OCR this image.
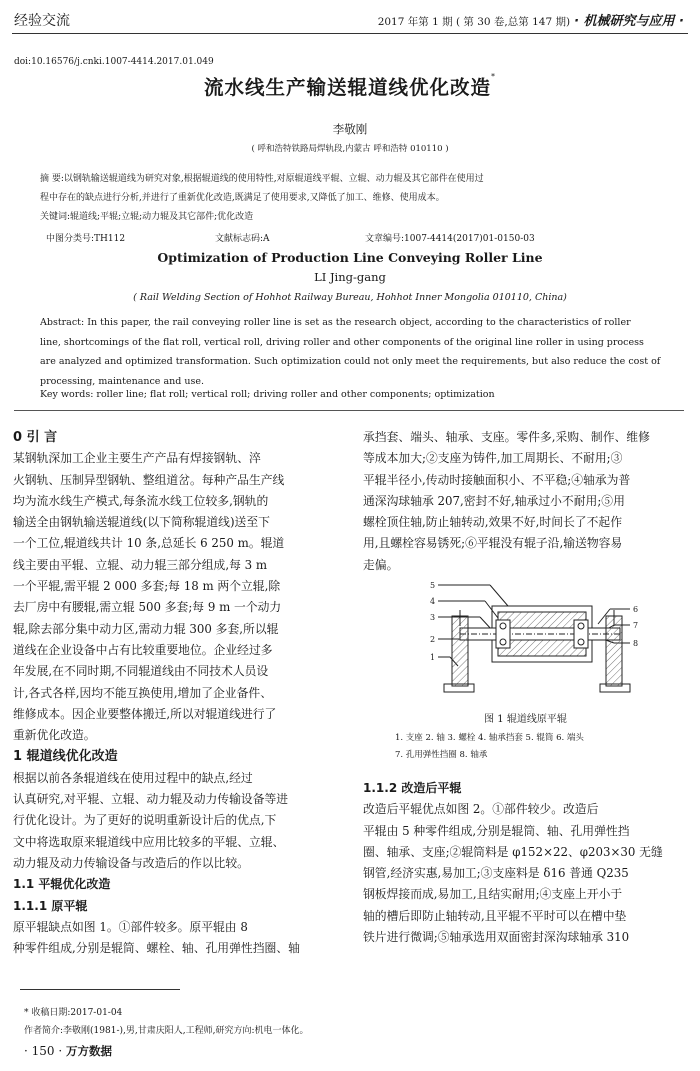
经验交流	2017 年第 1 期 ( 第 30 卷,总第 147 期) · 机械研究与应用 ·
doi:10.16576/j.cnki.1007-4414.2017.01.049
流水线生产输送辊道线优化改造*
李敬刚
( 呼和浩特铁路局焊轨段,内蒙古 呼和浩特 010110 )
摘 要:以钢轨输送辊道线为研究对象,根据辊道线的使用特性,对原辊道线平辊、立辊、动力辊及其它部件在使用过
程中存在的缺点进行分析,并进行了重新优化改造,既满足了使用要求,又降低了加工、维修、使用成本。
关键词:辊道线;平辊;立辊;动力辊及其它部件;优化改造
中图分类号:TH112	文献标志码:A	文章编号:1007-4414(2017)01-0150-03
Optimization of Production Line Conveying Roller Line
LI Jing-gang
( Rail Welding Section of Hohhot Railway Bureau, Hohhot Inner Mongolia 010110, China)
Abstract: In this paper, the rail conveying roller line is set as the research object, according to the characteristics of roller
line, shortcomings of the flat roll, vertical roll, driving roller and other components of the original line roller in using process
are analyzed and optimized transformation. Such optimization could not only meet the requirements, but also reduce the cost of
processing, maintenance and use.
Key words: roller line; flat roll; vertical roll; driving roller and other components; optimization
0 引 言
某钢轨深加工企业主要生产产品有焊接钢轨、淬
火钢轨、压制异型钢轨、整组道岔。每种产品生产线
均为流水线生产模式,每条流水线工位较多,钢轨的
输送全由钢轨输送辊道线(以下简称辊道线)送至下
一个工位,辊道线共计 10 条,总延长 6 250 m。辊道
线主要由平辊、立辊、动力辊三部分组成,每 3 m
一个平辊,需平辊 2 000 多套;每 18 m 两个立辊,除
去厂房中有腰辊,需立辊 500 多套;每 9 m 一个动力
辊,除去部分集中动力区,需动力辊 300 多套,所以辊
道线在企业设备中占有比较重要地位。企业经过多
年发展,在不同时期,不同辊道线由不同技术人员设
计,各式各样,因均不能互换使用,增加了企业备件、
维修成本。因企业要整体搬迁,所以对辊道线进行了
重新优化改造。
1 辊道线优化改造
根据以前各条辊道线在使用过程中的缺点,经过
认真研究,对平辊、立辊、动力辊及动力传输设备等进
行优化设计。为了更好的说明重新设计后的优点,下
文中将选取原来辊道线中应用比较多的平辊、立辊、
动力辊及动力传输设备与改造后的作以比较。
1.1 平辊优化改造
1.1.1 原平辊
原平辊缺点如图 1。①部件较多。原平辊由 8
种零件组成,分别是辊筒、螺栓、轴、孔用弹性挡圈、轴
承挡套、端头、轴承、支座。零件多,采购、制作、维修
等成本加大;②支座为铸件,加工周期长、不耐用;③
平辊半径小,传动时接触面积小、不平稳;④轴承为普
通深沟球轴承 207,密封不好,轴承过小不耐用;⑤用
螺栓顶住轴,防止轴转动,效果不好,时间长了不起作
用,且螺栓容易锈死;⑥平辊没有辊子沿,输送物容易
走偏。
5
4
3
2
1
6
7
8
图 1 辊道线原平辊
1. 支座 2. 轴 3. 螺栓 4. 轴承挡套 5. 辊筒 6. 端头
7. 孔用弹性挡圈 8. 轴承
1.1.2 改造后平辊
改造后平辊优点如图 2。①部件较少。改造后
平辊由 5 种零件组成,分别是辊筒、轴、孔用弹性挡
圈、轴承、支座;②辊筒料是 φ152×22、φ203×30 无缝
钢管,经济实惠,易加工;③支座料是 δ16 普通 Q235
钢板焊接而成,易加工,且结实耐用;④支座上开小于
轴的槽后即防止轴转动,且平辊不平时可以在槽中垫
铁片进行微调;⑤轴承选用双面密封深沟球轴承 310
* 收稿日期:2017-01-04
作者简介:李敬刚(1981-),男,甘肃庆阳人,工程师,研究方向:机电一体化。
· 150 · 万方数据
